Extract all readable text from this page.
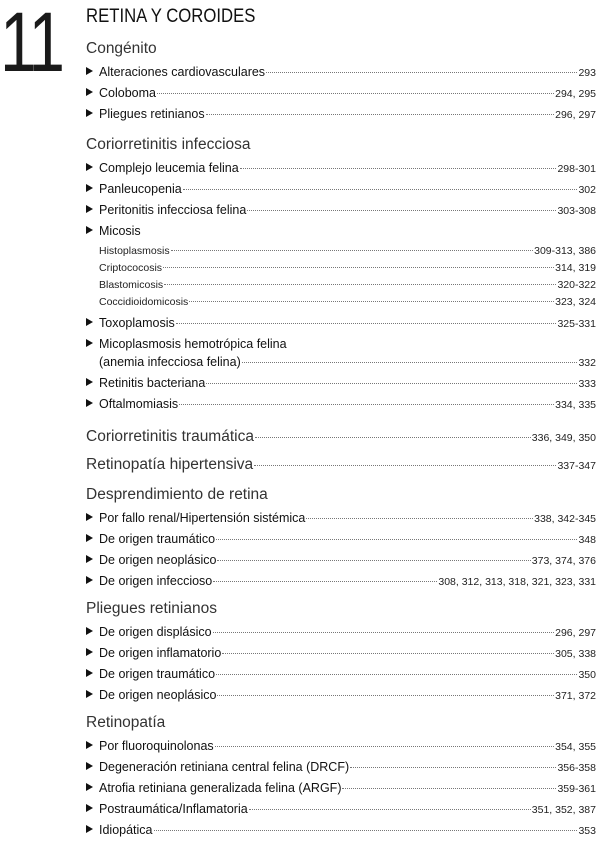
11 RETINA Y COROIDES
Congénito
Alteraciones cardiovasculares	293
Coloboma	294, 295
Pliegues retinianos	296, 297
Coriorretinitis infecciosa
Complejo leucemia felina	298-301
Panleucopenia	302
Peritonitis infecciosa felina	303-308
Micosis
Histoplasmosis	309-313, 386
Criptococosis	314, 319
Blastomicosis	320-322
Coccidioidomicosis	323, 324
Toxoplamosis	325-331
Micoplasmosis hemotrópica felina
(anemia infecciosa felina)	332
Retinitis bacteriana	333
Oftalmomiasis	334, 335
Coriorretinitis traumática	336, 349, 350
Retinopatía hipertensiva	337-347
Desprendimiento de retina
Por fallo renal/Hipertensión sistémica	338, 342-345
De origen traumático	348
De origen neoplásico	373, 374, 376
De origen infeccioso	308, 312, 313, 318, 321, 323, 331
Pliegues retinianos
De origen displásico	296, 297
De origen inflamatorio	305, 338
De origen traumático	350
De origen neoplásico	371, 372
Retinopatía
Por fluoroquinolonas	354, 355
Degeneración retiniana central felina (DRCF)	356-358
Atrofia retiniana generalizada felina (ARGF)	359-361
Postraumática/Inflamatoria	351, 352, 387
Idiopática	353
